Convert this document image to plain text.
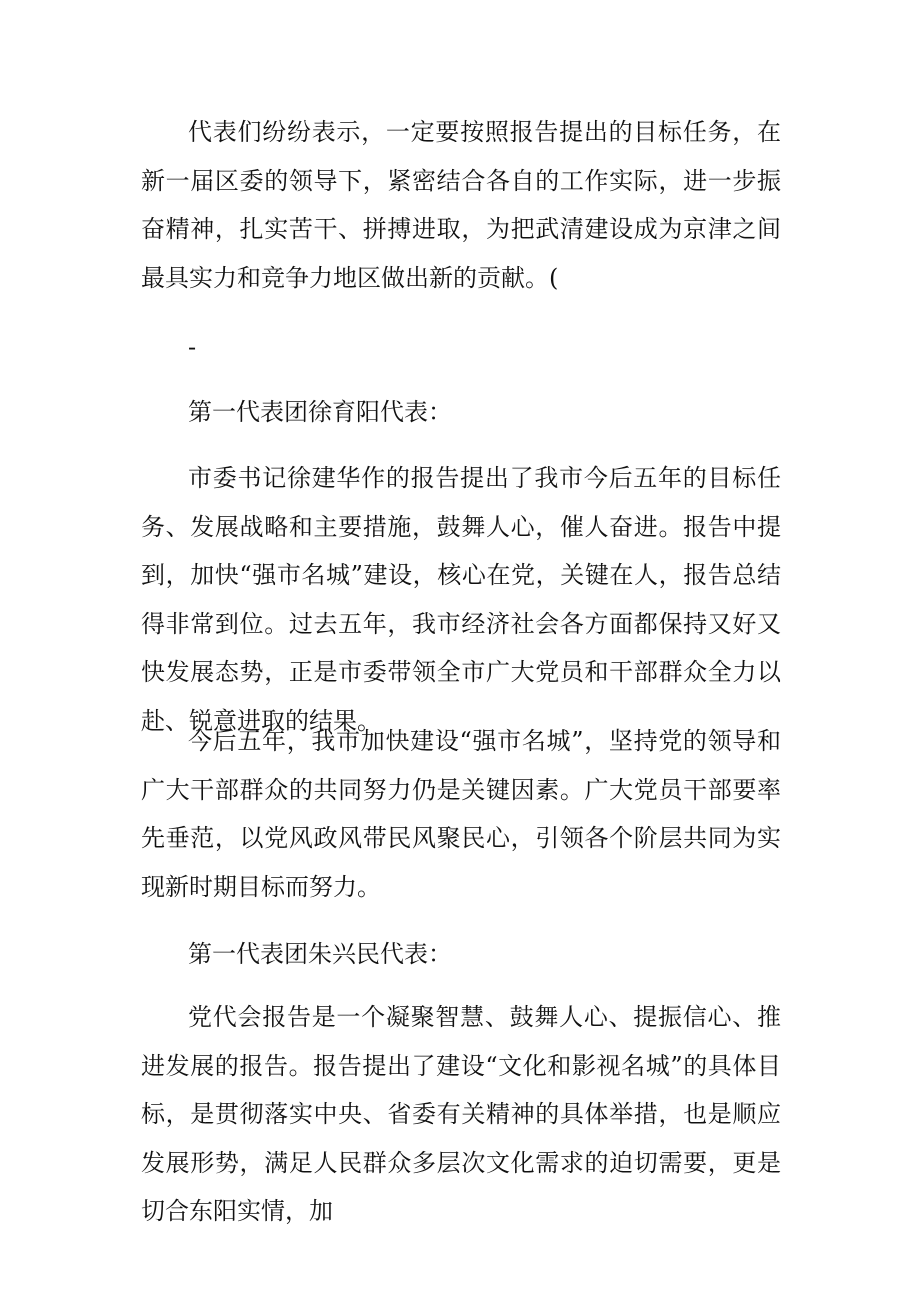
代表们纷纷表示，一定要按照报告提出的目标任务，在新一届区委的领导下，紧密结合各自的工作实际，进一步振奋精神，扎实苦干、拼搏进取，为把武清建设成为京津之间最具实力和竞争力地区做出新的贡献。(

-

第一代表团徐育阳代表：

市委书记徐建华作的报告提出了我市今后五年的目标任务、发展战略和主要措施，鼓舞人心，催人奋进。报告中提到，加快“强市名城”建设，核心在党，关键在人，报告总结得非常到位。过去五年，我市经济社会各方面都保持又好又快发展态势，正是市委带领全市广大党员和干部群众全力以赴、锐意进取的结果。

今后五年，我市加快建设“强市名城”，坚持党的领导和广大干部群众的共同努力仍是关键因素。广大党员干部要率先垂范，以党风政风带民风聚民心，引领各个阶层共同为实现新时期目标而努力。

第一代表团朱兴民代表：

党代会报告是一个凝聚智慧、鼓舞人心、提振信心、推进发展的报告。报告提出了建设“文化和影视名城”的具体目标，是贯彻落实中央、省委有关精神的具体举措，也是顺应发展形势，满足人民群众多层次文化需求的迫切需要，更是切合东阳实情，加
